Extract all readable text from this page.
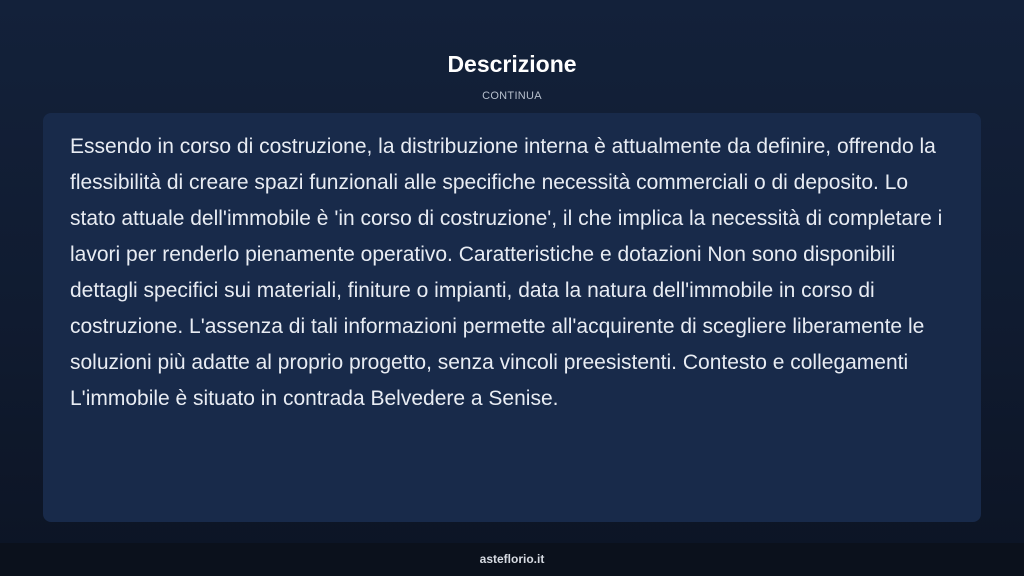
Descrizione
CONTINUA

Essendo in corso di costruzione, la distribuzione interna è attualmente da definire, offrendo la flessibilità di creare spazi funzionali alle specifiche necessità commerciali o di deposito. Lo stato attuale dell'immobile è 'in corso di costruzione', il che implica la necessità di completare i lavori per renderlo pienamente operativo. Caratteristiche e dotazioni Non sono disponibili dettagli specifici sui materiali, finiture o impianti, data la natura dell'immobile in corso di costruzione. L'assenza di tali informazioni permette all'acquirente di scegliere liberamente le soluzioni più adatte al proprio progetto, senza vincoli preesistenti. Contesto e collegamenti L'immobile è situato in contrada Belvedere a Senise.

asteflorio.it
